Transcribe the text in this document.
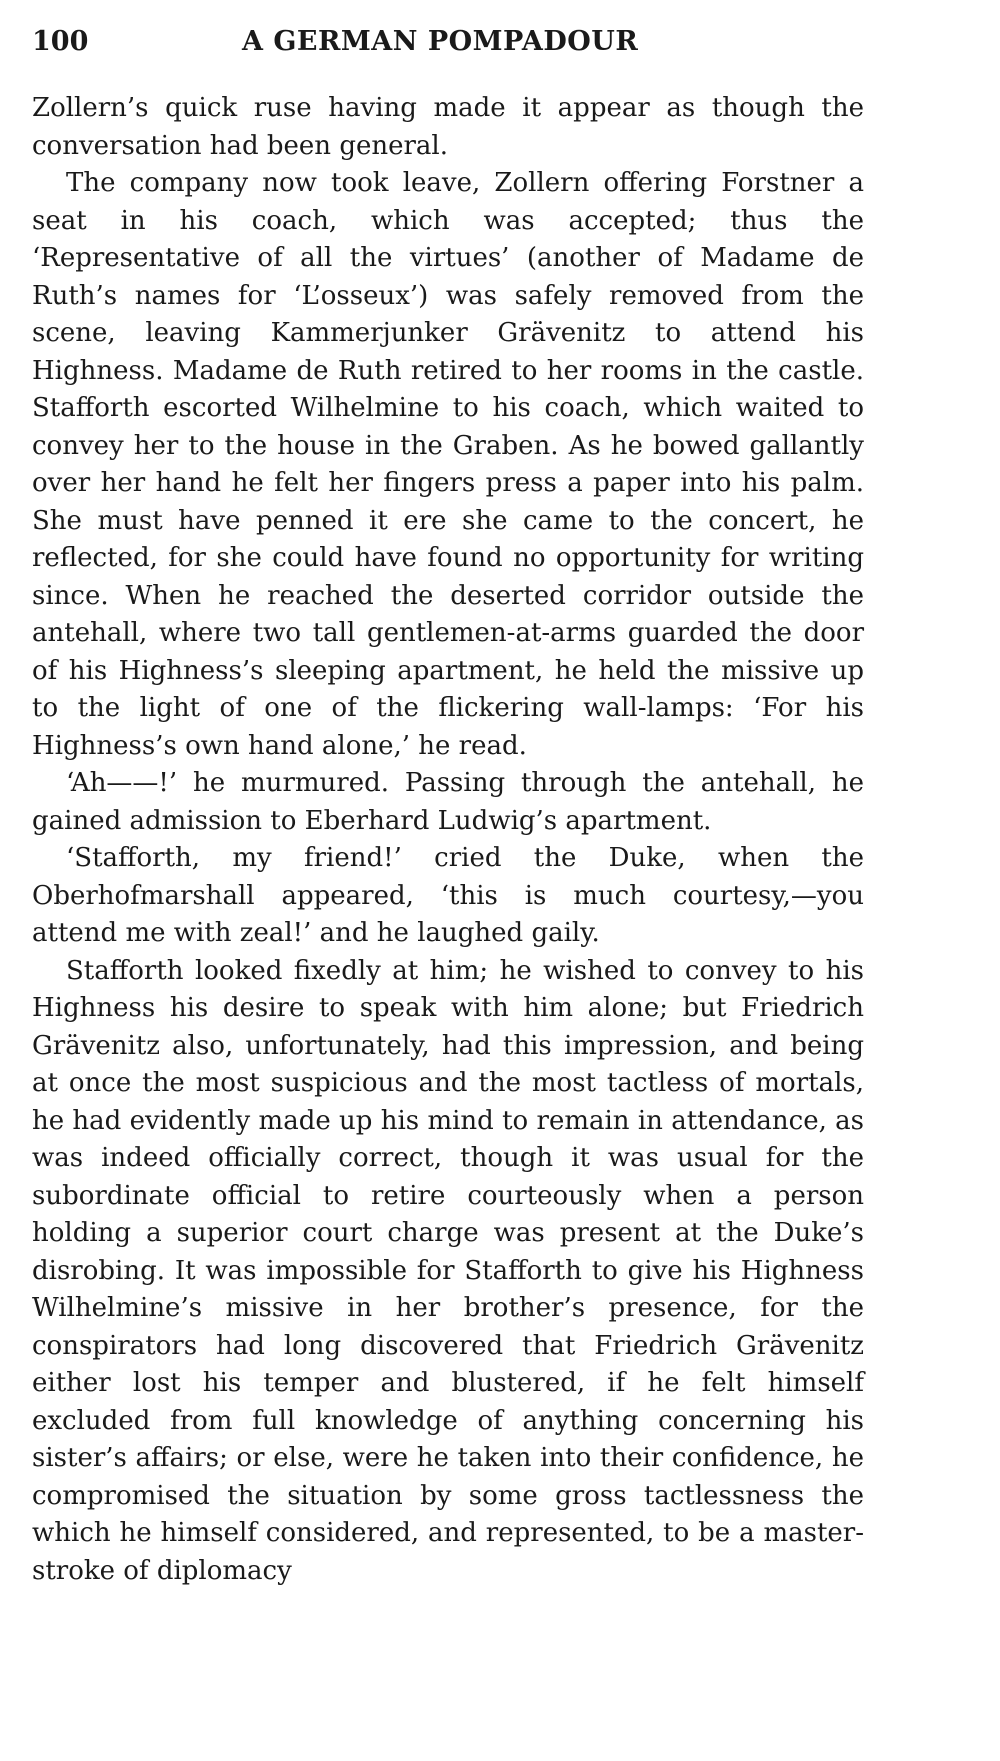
100	A GERMAN POMPADOUR

Zollern’s quick ruse having made it appear as though the conversation had been general.

The company now took leave, Zollern offering Forstner a seat in his coach, which was accepted; thus the ‘Representative of all the virtues’ (another of Madame de Ruth’s names for ‘L’osseux’) was safely removed from the scene, leaving Kammerjunker Grävenitz to attend his Highness. Madame de Ruth retired to her rooms in the castle. Stafforth escorted Wilhelmine to his coach, which waited to convey her to the house in the Graben. As he bowed gallantly over her hand he felt her fingers press a paper into his palm. She must have penned it ere she came to the concert, he reflected, for she could have found no opportunity for writing since. When he reached the deserted corridor outside the antehall, where two tall gentlemen-at-arms guarded the door of his Highness’s sleeping apartment, he held the missive up to the light of one of the flickering wall-lamps: ‘For his Highness’s own hand alone,’ he read.

‘Ah——!’ he murmured. Passing through the antehall, he gained admission to Eberhard Ludwig’s apartment.

‘Stafforth, my friend!’ cried the Duke, when the Oberhofmarshall appeared, ‘this is much courtesy,—you attend me with zeal!’ and he laughed gaily.

Stafforth looked fixedly at him; he wished to convey to his Highness his desire to speak with him alone; but Friedrich Grävenitz also, unfortunately, had this impression, and being at once the most suspicious and the most tactless of mortals, he had evidently made up his mind to remain in attendance, as was indeed officially correct, though it was usual for the subordinate official to retire courteously when a person holding a superior court charge was present at the Duke’s disrobing. It was impossible for Stafforth to give his Highness Wilhelmine’s missive in her brother’s presence, for the conspirators had long discovered that Friedrich Grävenitz either lost his temper and blustered, if he felt himself excluded from full knowledge of anything concerning his sister’s affairs; or else, were he taken into their confidence, he compromised the situation by some gross tactlessness the which he himself considered, and represented, to be a master-stroke of diplomacy
